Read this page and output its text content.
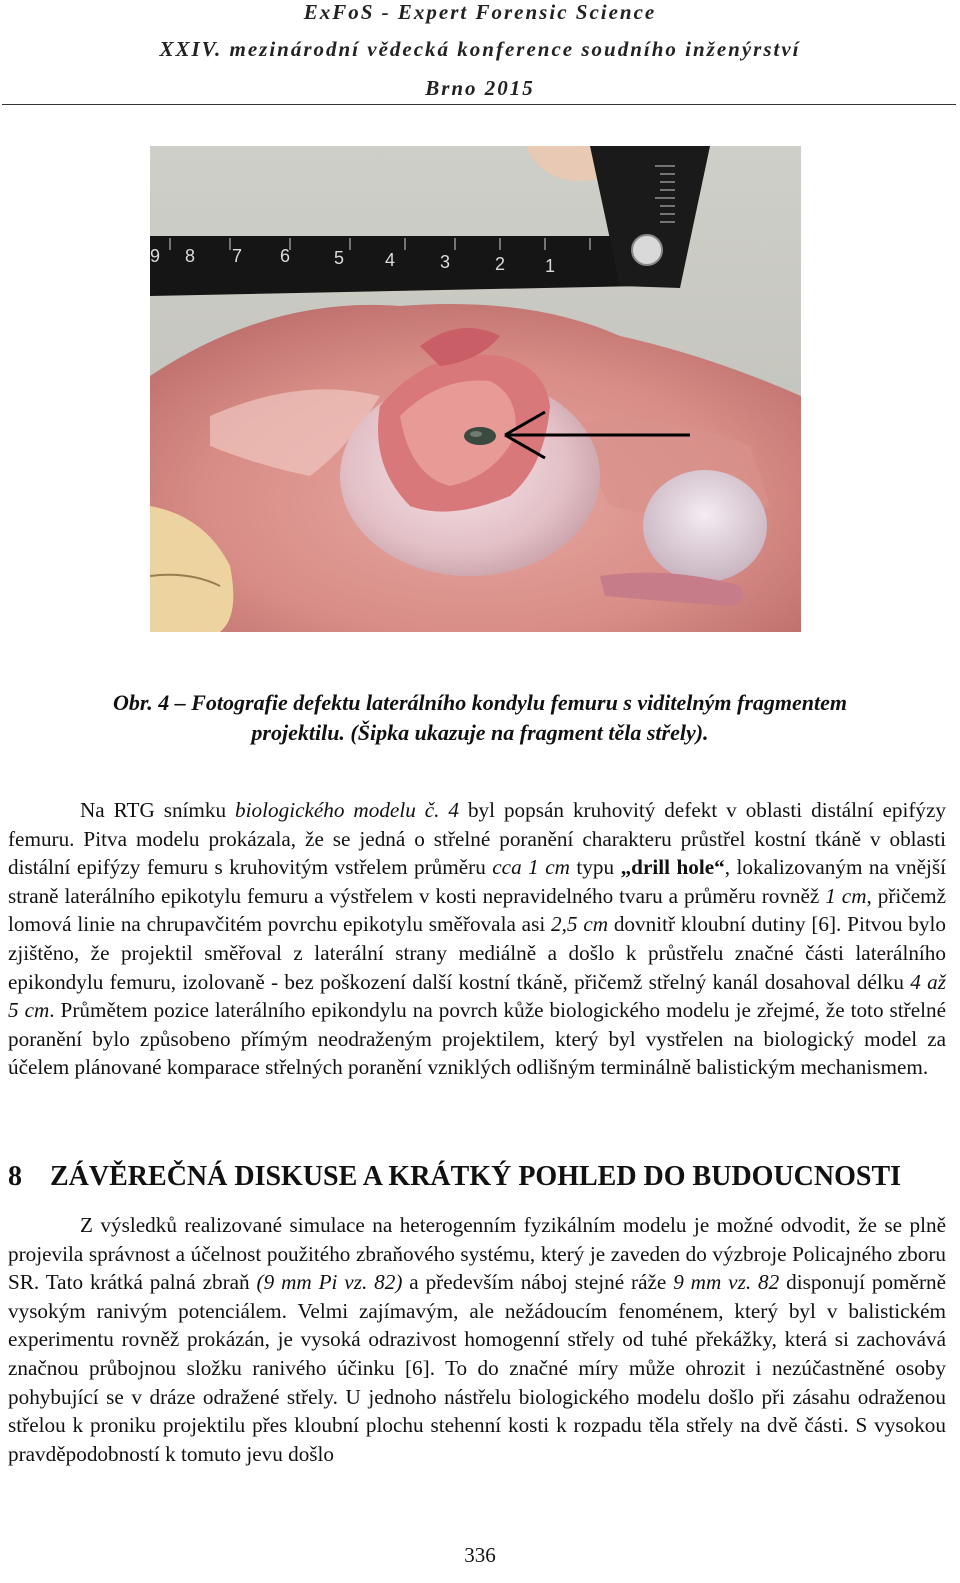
ExFoS - Expert Forensic Science
XXIV. mezinárodní vědecká konference soudního inženýrství
Brno 2015
9 8 7 6 5 4 3 2 1
Obr. 4 – Fotografie defektu laterálního kondylu femuru s viditelným fragmentem
projektilu. (Šipka ukazuje na fragment těla střely).
Na RTG snímku biologického modelu č. 4 byl popsán kruhovitý defekt v oblasti distální epifýzy femuru. Pitva modelu prokázala, že se jedná o střelné poranění charakteru průstřel kostní tkáně v oblasti distální epifýzy femuru s kruhovitým vstřelem průměru cca 1 cm typu „drill hole“, lokalizovaným na vnější straně laterálního epikotylu femuru a výstřelem v kosti nepravidelného tvaru a průměru rovněž 1 cm, přičemž lomová linie na chrupavčitém povrchu epikotylu směřovala asi 2,5 cm dovnitř kloubní dutiny [6]. Pitvou bylo zjištěno, že projektil směřoval z laterální strany mediálně a došlo k průstřelu značné části laterálního epikondylu femuru, izolovaně - bez poškození další kostní tkáně, přičemž střelný kanál dosahoval délku 4 až 5 cm. Průmětem pozice laterálního epikondylu na povrch kůže biologického modelu je zřejmé, že toto střelné poranění bylo způsobeno přímým neodraženým projektilem, který byl vystřelen na biologický model za účelem plánované komparace střelných poranění vzniklých odlišným terminálně balistickým mechanismem.
8 ZÁVĚREČNÁ DISKUSE A KRÁTKÝ POHLED DO BUDOUCNOSTI
Z výsledků realizované simulace na heterogenním fyzikálním modelu je možné odvodit, že se plně projevila správnost a účelnost použitého zbraňového systému, který je zaveden do výzbroje Policajného zboru SR. Tato krátká palná zbraň (9 mm Pi vz. 82) a především náboj stejné ráže 9 mm vz. 82 disponují poměrně vysokým ranivým potenciálem. Velmi zajímavým, ale nežádoucím fenoménem, který byl v balistickém experimentu rovněž prokázán, je vysoká odrazivost homogenní střely od tuhé překážky, která si zachovává značnou průbojnou složku ranivého účinku [6]. To do značné míry může ohrozit i nezúčastněné osoby pohybující se v dráze odražené střely. U jednoho nástřelu biologického modelu došlo při zásahu odraženou střelou k proniku projektilu přes kloubní plochu stehenní kosti k rozpadu těla střely na dvě části. S vysokou pravděpodobností k tomuto jevu došlo
336
